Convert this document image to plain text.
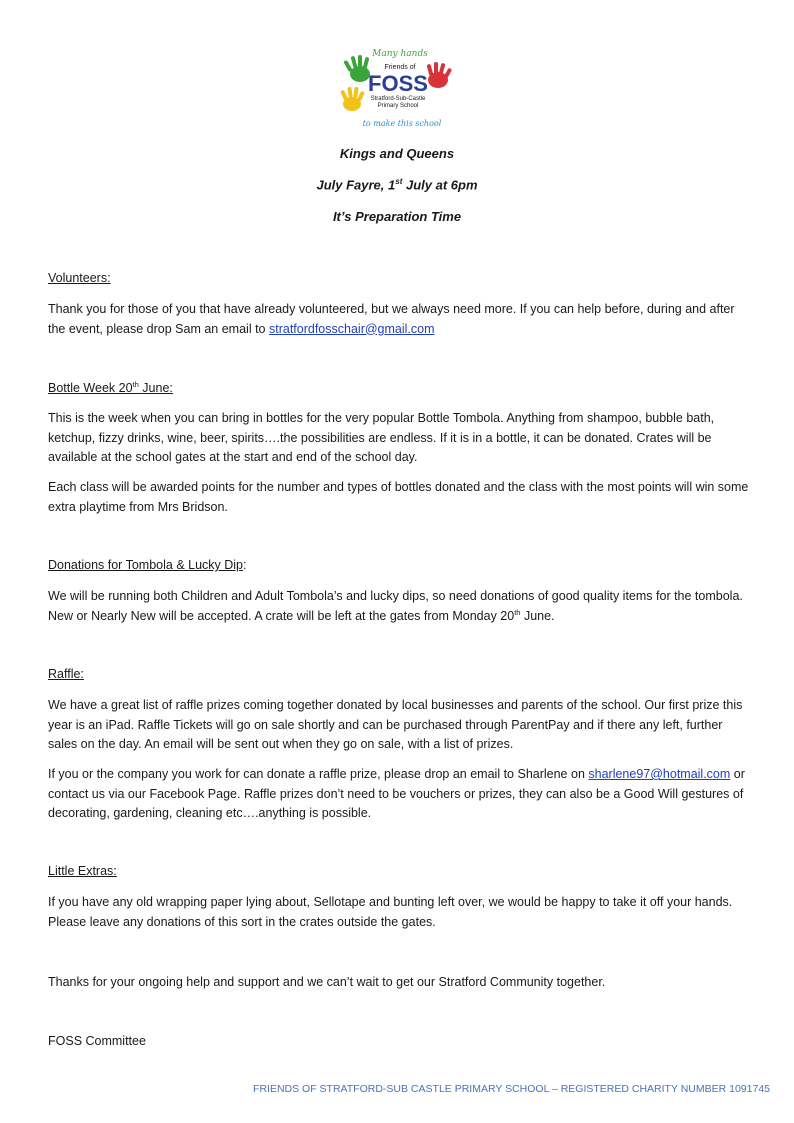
Many hands
Friends of
FOSS
Stratford-Sub-Castle
Primary School
to make this school
Kings and Queens
July Fayre, 1st July at 6pm
It’s Preparation Time
Volunteers:
Thank you for those of you that have already volunteered, but we always need more. If you can help before, during and after the event, please drop Sam an email to stratfordfosschair@gmail.com
Bottle Week 20th June:
This is the week when you can bring in bottles for the very popular Bottle Tombola. Anything from shampoo, bubble bath, ketchup, fizzy drinks, wine, beer, spirits….the possibilities are endless. If it is in a bottle, it can be donated. Crates will be available at the school gates at the start and end of the school day.
Each class will be awarded points for the number and types of bottles donated and the class with the most points will win some extra playtime from Mrs Bridson.
Donations for Tombola & Lucky Dip:
We will be running both Children and Adult Tombola’s and lucky dips, so need donations of good quality items for the tombola. New or Nearly New will be accepted. A crate will be left at the gates from Monday 20th June.
Raffle:
We have a great list of raffle prizes coming together donated by local businesses and parents of the school. Our first prize this year is an iPad. Raffle Tickets will go on sale shortly and can be purchased through ParentPay and if there any left, further sales on the day. An email will be sent out when they go on sale, with a list of prizes.
If you or the company you work for can donate a raffle prize, please drop an email to Sharlene on sharlene97@hotmail.com or contact us via our Facebook Page. Raffle prizes don’t need to be vouchers or prizes, they can also be a Good Will gestures of decorating, gardening, cleaning etc….anything is possible.
Little Extras:
If you have any old wrapping paper lying about, Sellotape and bunting left over, we would be happy to take it off your hands. Please leave any donations of this sort in the crates outside the gates.
Thanks for your ongoing help and support and we can’t wait to get our Stratford Community together.
FOSS Committee
FRIENDS OF STRATFORD-SUB CASTLE PRIMARY SCHOOL – REGISTERED CHARITY NUMBER 1091745
